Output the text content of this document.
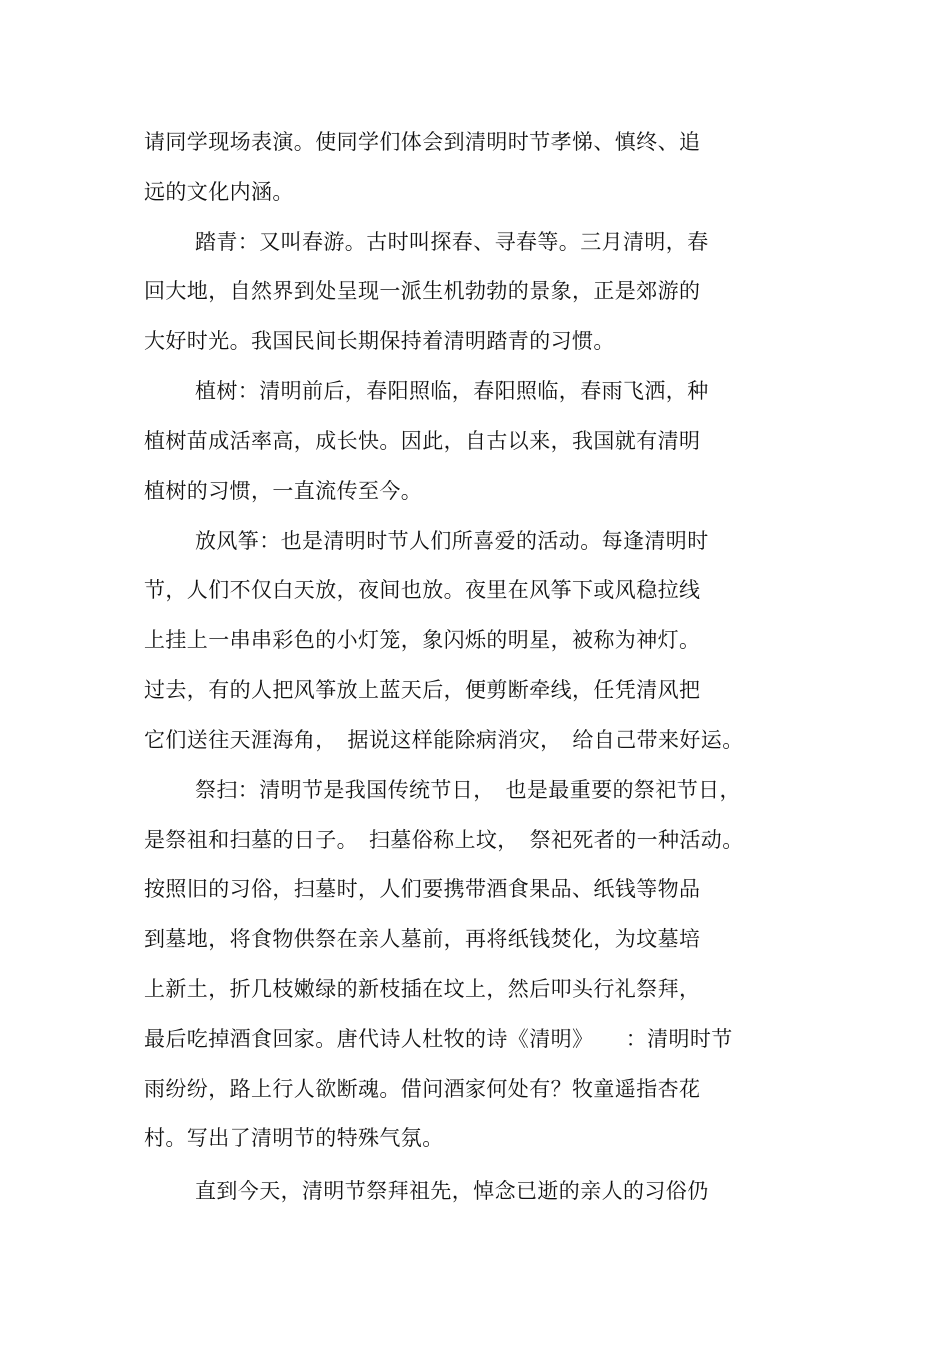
请同学现场表演。使同学们体会到清明时节孝悌、慎终、追
远的文化内涵。
踏青：又叫春游。古时叫探春、寻春等。三月清明，春
回大地，自然界到处呈现一派生机勃勃的景象，正是郊游的
大好时光。我国民间长期保持着清明踏青的习惯。
植树：清明前后，春阳照临，春阳照临，春雨飞洒，种
植树苗成活率高，成长快。因此，自古以来，我国就有清明
植树的习惯，一直流传至今。
放风筝：也是清明时节人们所喜爱的活动。每逢清明时
节，人们不仅白天放，夜间也放。夜里在风筝下或风稳拉线
上挂上一串串彩色的小灯笼，象闪烁的明星，被称为神灯。
过去，有的人把风筝放上蓝天后，便剪断牵线，任凭清风把
它们送往天涯海角，　据说这样能除病消灾，　给自己带来好运。
祭扫：清明节是我国传统节日，　也是最重要的祭祀节日，
是祭祖和扫墓的日子。　扫墓俗称上坟，　祭祀死者的一种活动。
按照旧的习俗，扫墓时，人们要携带酒食果品、纸钱等物品
到墓地，将食物供祭在亲人墓前，再将纸钱焚化，为坟墓培
上新土，折几枝嫩绿的新枝插在坟上，然后叩头行礼祭拜，
最后吃掉酒食回家。唐代诗人杜牧的诗《清明》　　：清明时节
雨纷纷，路上行人欲断魂。借问酒家何处有？牧童遥指杏花
村。写出了清明节的特殊气氛。
直到今天，清明节祭拜祖先，悼念已逝的亲人的习俗仍
